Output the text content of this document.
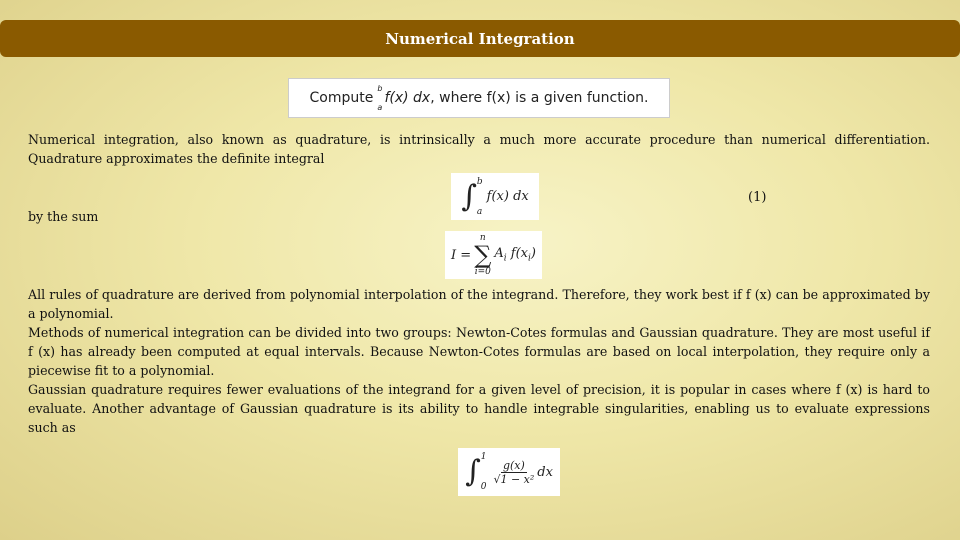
Numerical Integration
Compute
b
a
f(x) dx , where f(x) is a given function.
Numerical integration, also known as quadrature, is intrinsically a much more accurate procedure than numerical differentiation. Quadrature approximates the definite integral
∫ b
a
f(x) dx	(1)
by the sum
I =
n
∑
i=0
$A_i$ $f(x_i)$
All rules of quadrature are derived from polynomial interpolation of the integrand. Therefore, they work best if f (x) can be approximated by a polynomial.
Methods of numerical integration can be divided into two groups: Newton-Cotes formulas and Gaussian quadrature. They are most useful if f (x) has already been computed at equal intervals. Because Newton-Cotes formulas are based on local interpolation, they require only a piecewise fit to a polynomial.
Gaussian quadrature requires fewer evaluations of the integrand for a given level of precision, it is popular in cases where f (x) is hard to evaluate. Another advantage of Gaussian quadrature is its ability to handle integrable singularities, enabling us to evaluate expressions such as
∫ 1
0
$\frac{g(x)}{\text{√1 − x²}}$ dx
